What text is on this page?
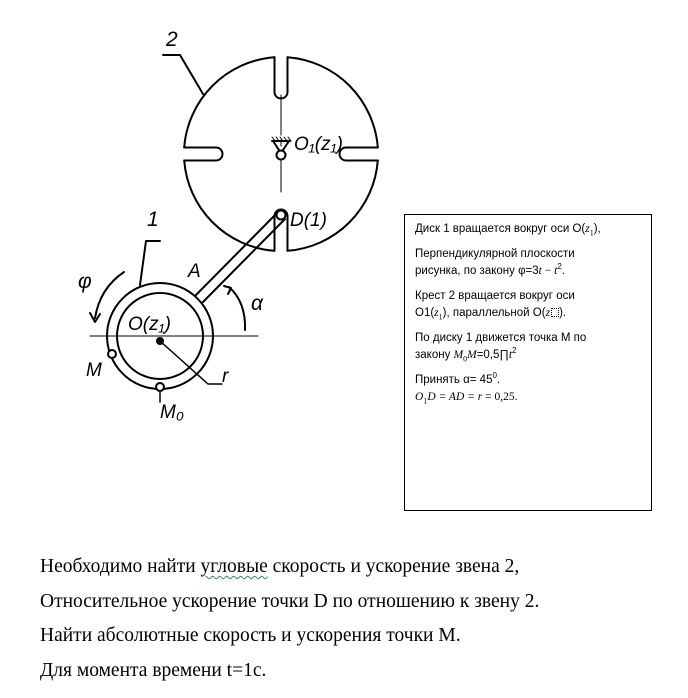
2
1
O₁(z₁)
D(1)
A
α
φ
O(z₁)
M
M₀
r

Диск 1 вращается вокруг оси $O(z_1)$,

Перпендикулярной плоскости
рисунка, по закону $\varphi=3t - t^2$.

Крест 2 вращается вокруг оси
$O1(z_1)$, параллельной O(z ).

По диску 1 движется точка M по
закону $M_0M=0,5\prod t^2$

Принять $\alpha= 45^0$.
$O_1D$ = AD = r = 0,25.

Необходимо найти угловые скорость и ускорение звена 2,
Относительное ускорение точки D по отношению к звену 2.
Найти абсолютные скорость и ускорения точки M.
Для момента времени t=1с.
